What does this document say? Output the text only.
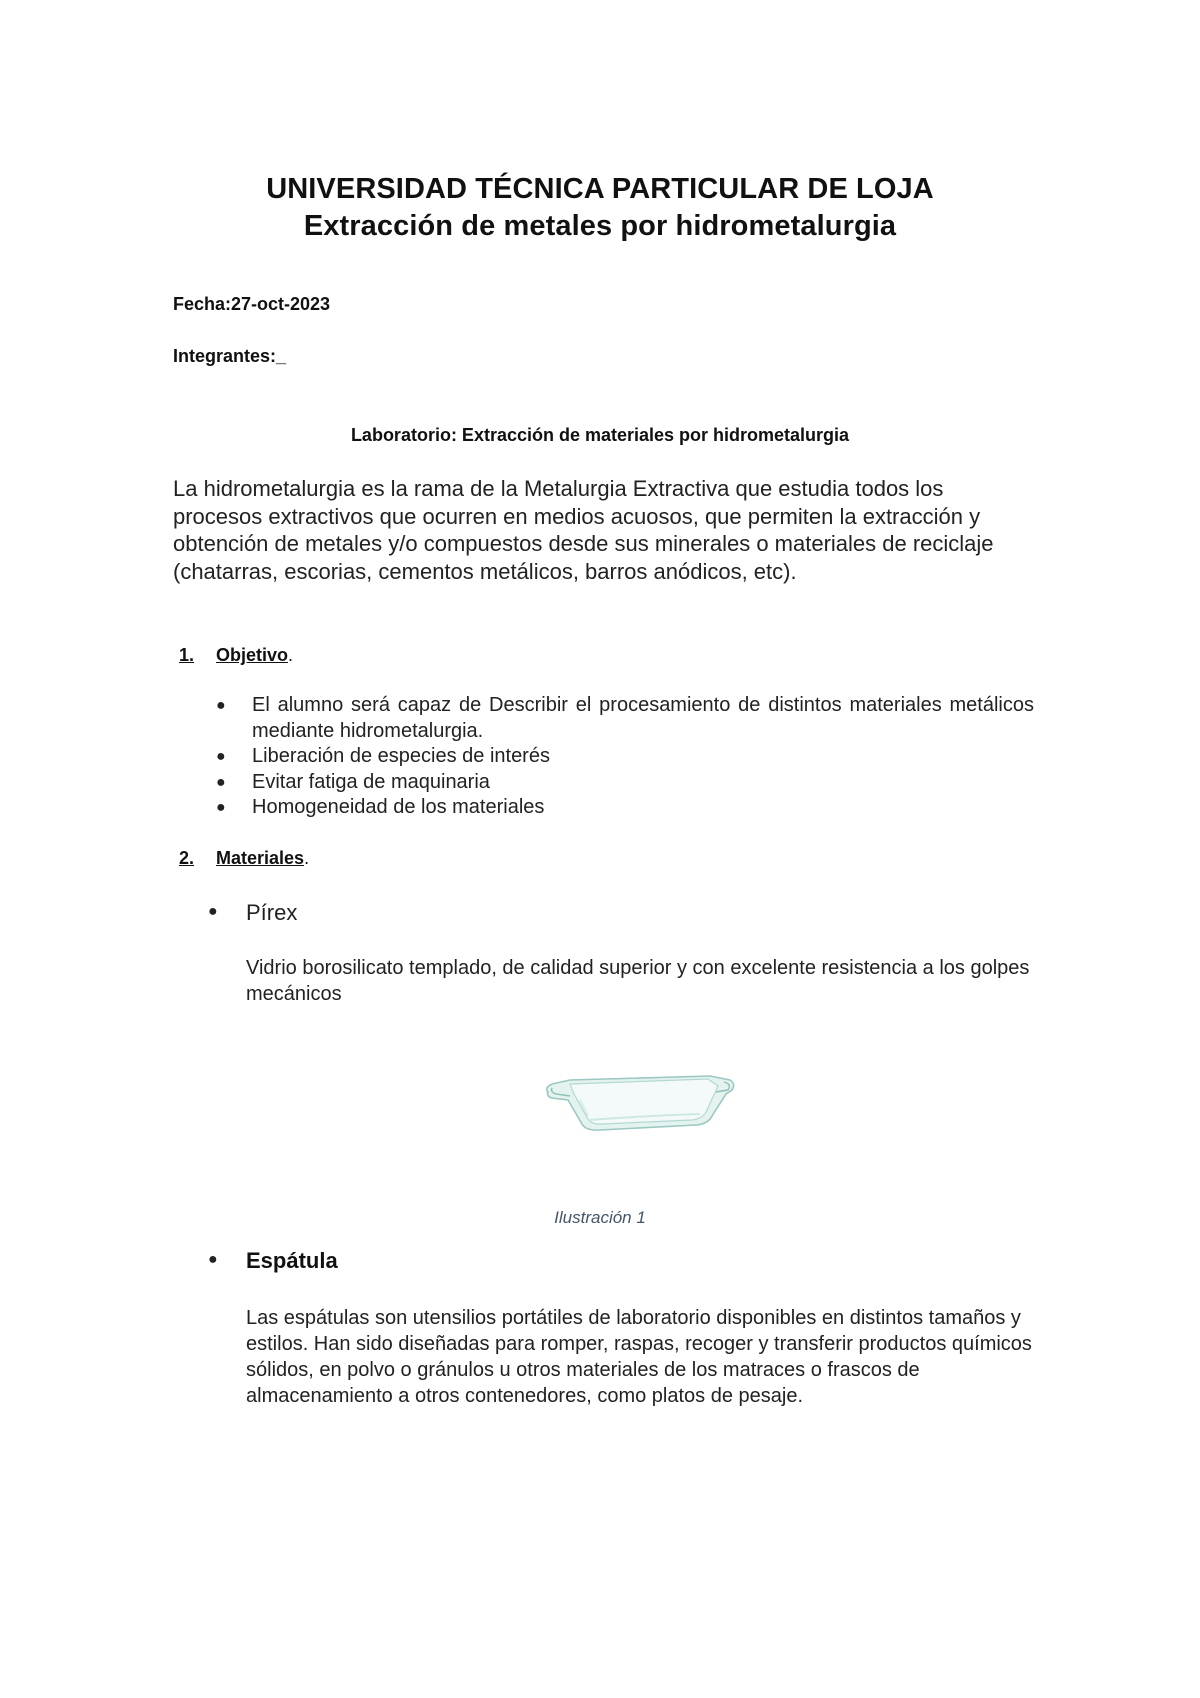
UNIVERSIDAD TÉCNICA PARTICULAR DE LOJA
Extracción de metales por hidrometalurgia
Fecha:27-oct-2023
Integrantes:_
Laboratorio: Extracción de materiales por hidrometalurgia
La hidrometalurgia es la rama de la Metalurgia Extractiva que estudia todos los procesos extractivos que ocurren en medios acuosos, que permiten la extracción y obtención de metales y/o compuestos desde sus minerales o materiales de reciclaje (chatarras, escorias, cementos metálicos, barros anódicos, etc).
1. Objetivo.
● El alumno será capaz de Describir el procesamiento de distintos materiales metálicos mediante hidrometalurgia.
● Liberación de especies de interés
● Evitar fatiga de maquinaria
● Homogeneidad de los materiales
2. Materiales.
● Pírex
Vidrio borosilicato templado, de calidad superior y con excelente resistencia a los golpes mecánicos
Ilustración 1
● Espátula
Las espátulas son utensilios portátiles de laboratorio disponibles en distintos tamaños y estilos. Han sido diseñadas para romper, raspas, recoger y transferir productos químicos sólidos, en polvo o gránulos u otros materiales de los matraces o frascos de almacenamiento a otros contenedores, como platos de pesaje.
